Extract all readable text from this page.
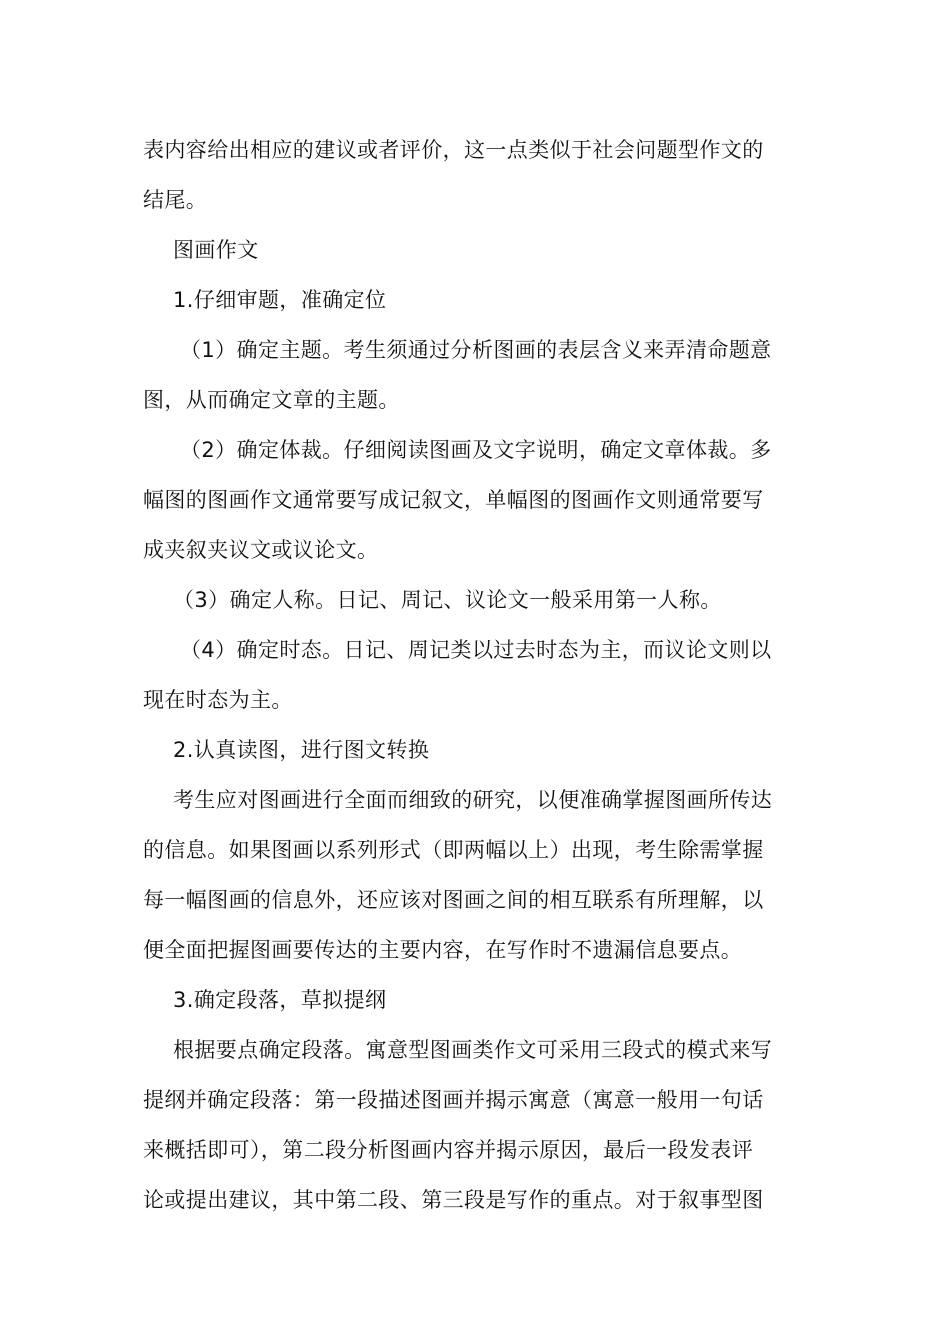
表内容给出相应的建议或者评价，这一点类似于社会问题型作文的
结尾。
图画作文
1.仔细审题，准确定位
（1）确定主题。考生须通过分析图画的表层含义来弄清命题意
图，从而确定文章的主题。
（2）确定体裁。仔细阅读图画及文字说明，确定文章体裁。多
幅图的图画作文通常要写成记叙文，单幅图的图画作文则通常要写
成夹叙夹议文或议论文。
（3）确定人称。日记、周记、议论文一般采用第一人称。
（4）确定时态。日记、周记类以过去时态为主，而议论文则以
现在时态为主。
2.认真读图，进行图文转换
考生应对图画进行全面而细致的研究，以便准确掌握图画所传达
的信息。如果图画以系列形式（即两幅以上）出现，考生除需掌握
每一幅图画的信息外，还应该对图画之间的相互联系有所理解，以
便全面把握图画要传达的主要内容，在写作时不遗漏信息要点。
3.确定段落，草拟提纲
根据要点确定段落。寓意型图画类作文可采用三段式的模式来写
提纲并确定段落：第一段描述图画并揭示寓意（寓意一般用一句话
来概括即可），第二段分析图画内容并揭示原因，最后一段发表评
论或提出建议，其中第二段、第三段是写作的重点。对于叙事型图
